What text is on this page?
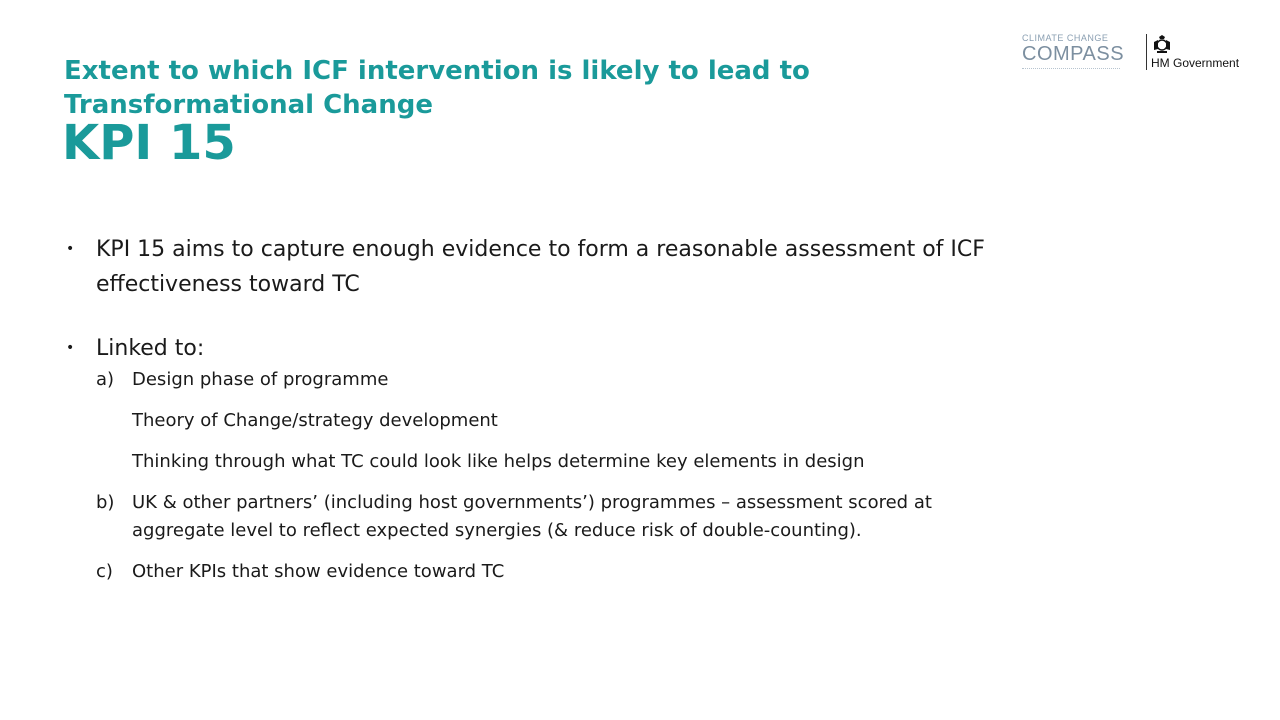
Extent to which ICF intervention is likely to lead to
Transformational Change
KPI 15
CLIMATE CHANGE
COMPASS HM Government
• KPI 15 aims to capture enough evidence to form a reasonable assessment of ICF
effectiveness toward TC
• Linked to:
a) Design phase of programme
Theory of Change/strategy development
Thinking through what TC could look like helps determine key elements in design
b) UK & other partners’ (including host governments’) programmes – assessment scored at
aggregate level to reflect expected synergies (& reduce risk of double-counting).
c) Other KPIs that show evidence toward TC
